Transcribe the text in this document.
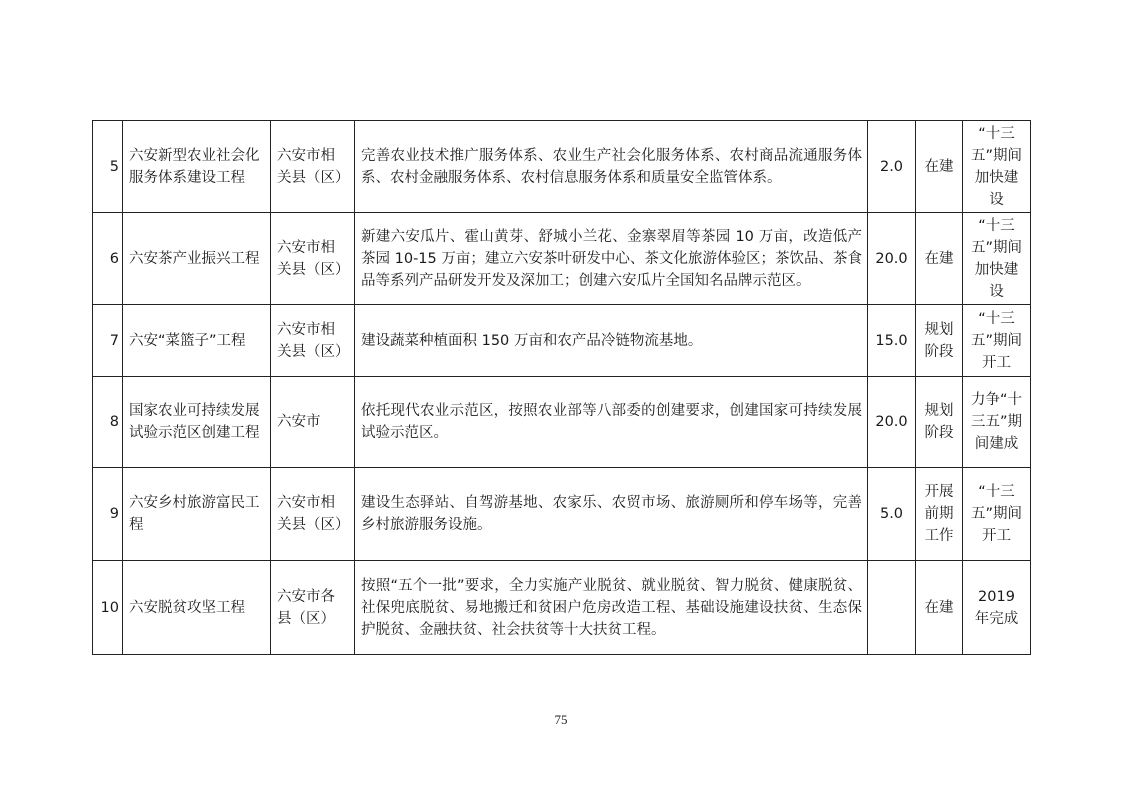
5	六安新型农业社会化服务体系建设工程	六安市相关县（区）	完善农业技术推广服务体系、农业生产社会化服务体系、农村商品流通服务体系、农村金融服务体系、农村信息服务体系和质量安全监管体系。	2.0	在建	“十三五”期间加快建设
6	六安茶产业振兴工程	六安市相关县（区）	新建六安瓜片、霍山黄芽、舒城小兰花、金寨翠眉等茶园 10 万亩，改造低产茶园 10-15 万亩；建立六安茶叶研发中心、茶文化旅游体验区；茶饮品、茶食品等系列产品研发开发及深加工；创建六安瓜片全国知名品牌示范区。	20.0	在建	“十三五”期间加快建设
7	六安“菜篮子”工程	六安市相关县（区）	建设蔬菜种植面积 150 万亩和农产品冷链物流基地。	15.0	规划阶段	“十三五”期间开工
8	国家农业可持续发展试验示范区创建工程	六安市	依托现代农业示范区，按照农业部等八部委的创建要求，创建国家可持续发展试验示范区。	20.0	规划阶段	力争“十三五”期间建成
9	六安乡村旅游富民工程	六安市相关县（区）	建设生态驿站、自驾游基地、农家乐、农贸市场、旅游厕所和停车场等，完善乡村旅游服务设施。	5.0	开展前期工作	“十三五”期间开工
10	六安脱贫攻坚工程	六安市各县（区）	按照“五个一批”要求，全力实施产业脱贫、就业脱贫、智力脱贫、健康脱贫、社保兜底脱贫、易地搬迁和贫困户危房改造工程、基础设施建设扶贫、生态保护脱贫、金融扶贫、社会扶贫等十大扶贫工程。		在建	2019 年完成
75
